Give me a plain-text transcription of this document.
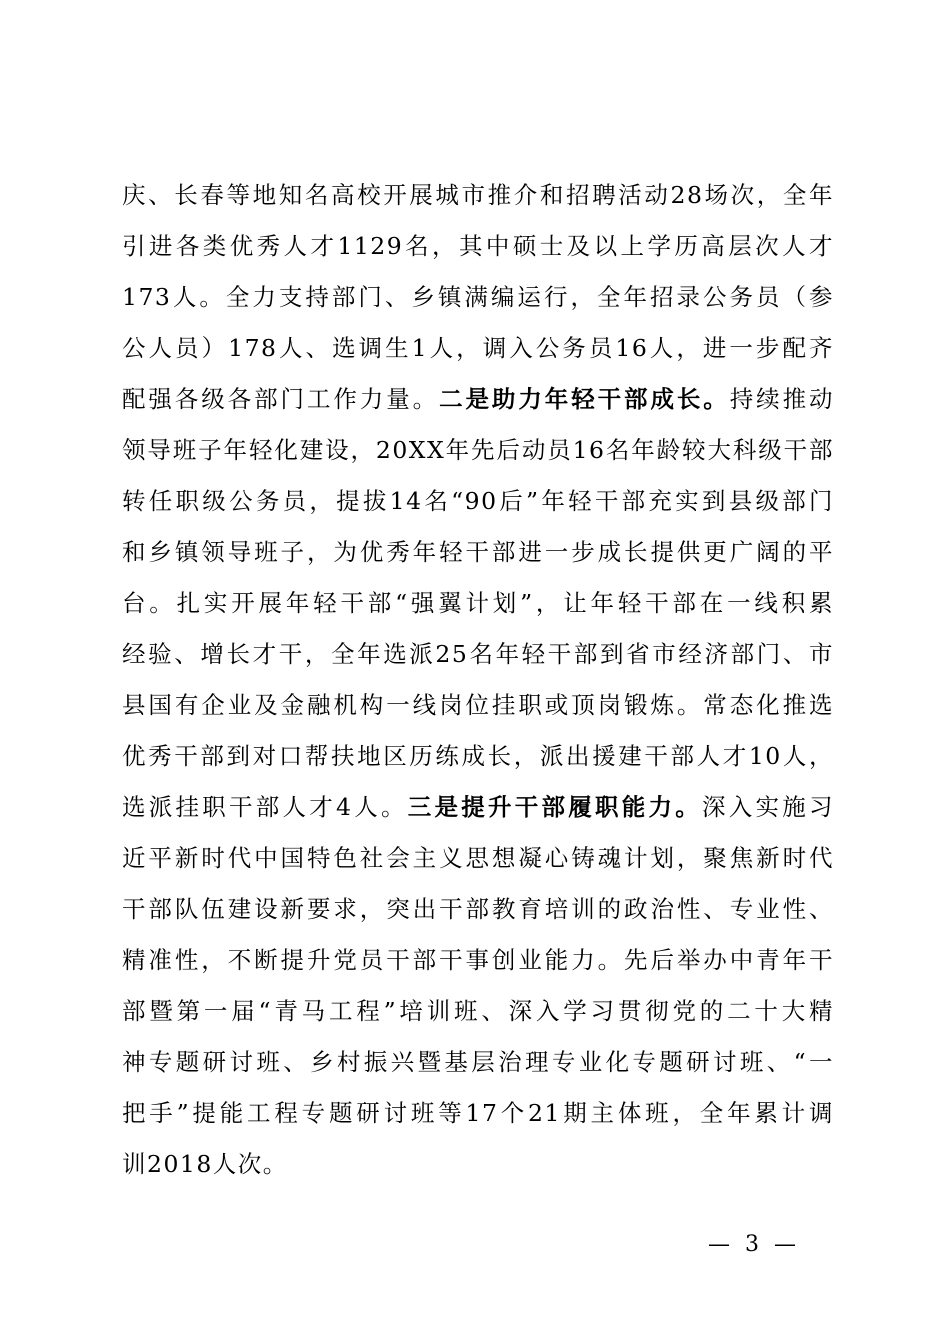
庆、长春等地知名高校开展城市推介和招聘活动28场次，全年
引进各类优秀人才1129名，其中硕士及以上学历高层次人才
173人。全力支持部门、乡镇满编运行，全年招录公务员（参
公人员）178人、选调生1人，调入公务员16人，进一步配齐
配强各级各部门工作力量。二是助力年轻干部成长。持续推动
领导班子年轻化建设，20XX年先后动员16名年龄较大科级干部
转任职级公务员，提拔14名“90后”年轻干部充实到县级部门
和乡镇领导班子，为优秀年轻干部进一步成长提供更广阔的平
台。扎实开展年轻干部“强翼计划”，让年轻干部在一线积累
经验、增长才干，全年选派25名年轻干部到省市经济部门、市
县国有企业及金融机构一线岗位挂职或顶岗锻炼。常态化推选
优秀干部到对口帮扶地区历练成长，派出援建干部人才10人，
选派挂职干部人才4人。三是提升干部履职能力。深入实施习
近平新时代中国特色社会主义思想凝心铸魂计划，聚焦新时代
干部队伍建设新要求，突出干部教育培训的政治性、专业性、
精准性，不断提升党员干部干事创业能力。先后举办中青年干
部暨第一届“青马工程”培训班、深入学习贯彻党的二十大精
神专题研讨班、乡村振兴暨基层治理专业化专题研讨班、“一
把手”提能工程专题研讨班等17个21期主体班，全年累计调
训2018人次。
— 3 —
